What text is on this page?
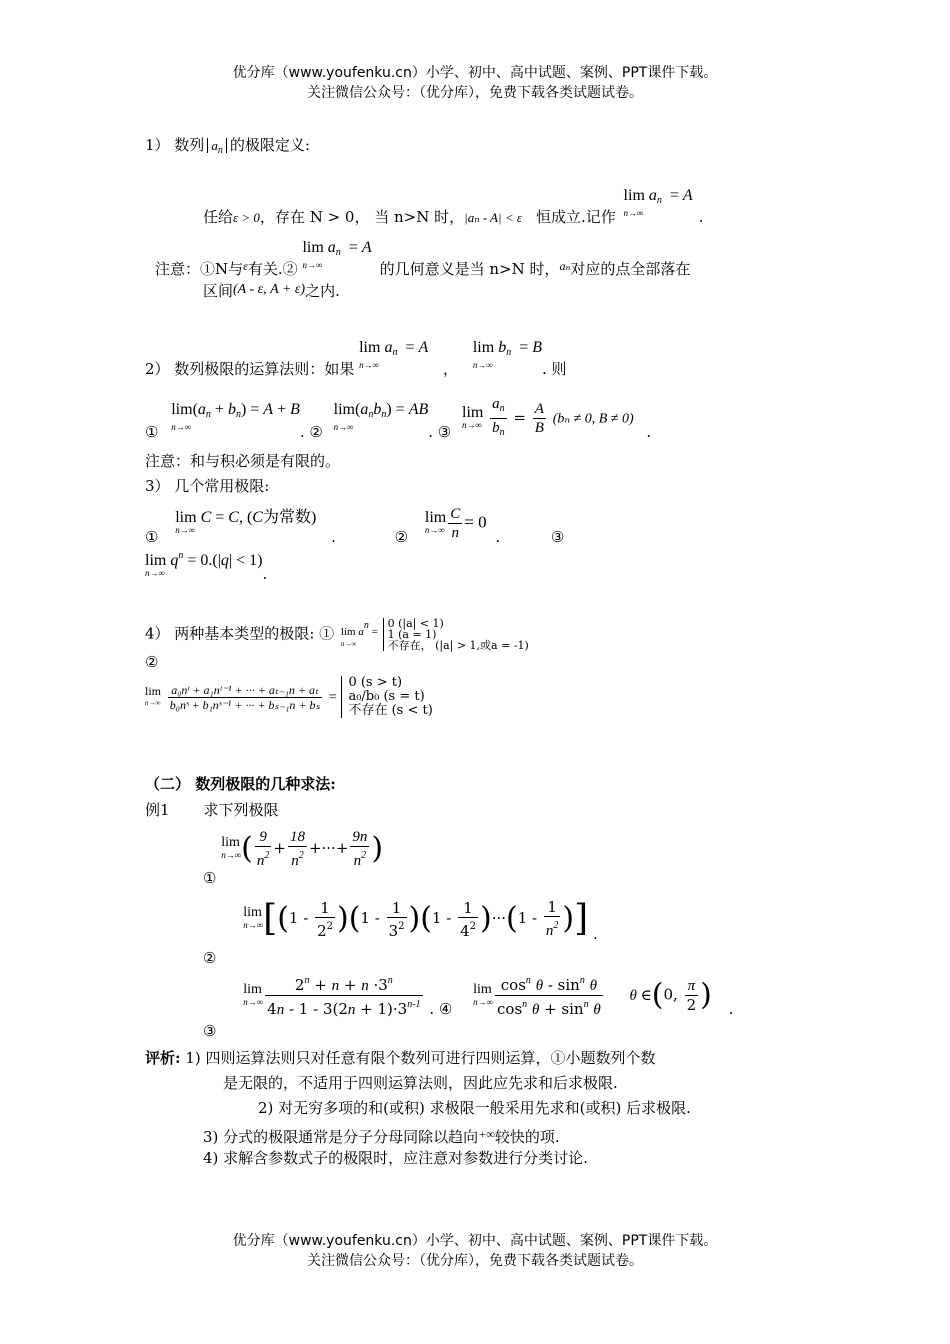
优分库（www.youfenku.cn）小学、初中、高中试题、案例、PPT课件下载。
关注微信公众号：（优分库），免费下载各类试题试卷。
1） 数列 $a_n$ 的极限定义:
任给ε > 0，存在 N > 0， 当 n>N 时，|aₙ - A| < ε 恒成立.记作
$\lim a_n = A$
n→∞	.
注意：①N与$^\varepsilon$有关.②
$\lim a_n = A$
n→∞	的几何意义是当 n>N 时，$^{a_n}$对应的点全部落在
区间(A - ε, A + ε)之内.
2） 数列极限的运算法则：如果
$\lim a_n = A$
n→∞	，
$\lim b_n = B$
n→∞	. 则
①
$\lim(a_n + b_n) = A + B$
n→∞	. ②
$\lim(a_nb_n)$ = AB
n→∞	. ③
lim
n→∞
$\frac{a_n}{b_n} = \frac{A}{B} (b_n \ne 0$, B ≠ 0) .
注意：和与积必须是有限的。
3） 几个常用极限:
①
lim C = C, (C为常数)
n→∞	.	②
lim
$n\to\infty \frac{C}{n} = 0$ .	③
$\lim q^n = 0.(|q| < 1)$
n→∞	.
4） 两种基本类型的极限: ① lim an =
n→∞

0 (|a| < 1)
1 (a = 1)
不存在， (|a| > 1,或a = -1)
②
lim
n→∞
$\frac{\text{a₀nᵗ + a₁nᵗ⁻¹ + ··· + aₜ₋₁n + aₜ}}{\text{b₀nˢ + b₁nˢ⁻¹ + ··· + bₛ₋₁n + bₛ}}$ =
0 (s > t)
a₀/b₀ (s = t)
不存在 (s < t)
（二） 数列极限的几种求法:
例1 求下列极限
①
lim
n→∞ ( $\frac{9}{n^2} + \frac{18}{n^2}$ +···+ $\frac{9n}{n^2}$ )
②
lim
n→∞ [$(1 - \frac{1}{2^2} )(1 - \frac{1}{3^2} )(1 - \frac{1}{4^2} )\cdot\cdot\cdot(1 - \frac{1}{n^2}$ )] .
③
lim
$n\to\infty \frac{2^n + n + n \cdot 3^n}{4n - 1 - 3(2n + 1)\cdot 3^{n-1}}$ . ④
lim
$n\to\infty \frac{\cos^n \theta - \sin^n \theta}{\cos^n \theta + \sin^n \theta}$ θ ∈(0, $\frac{\pi}{2}$ ) .
评析: 1) 四则运算法则只对任意有限个数列可进行四则运算，①小题数列个数
是无限的，不适用于四则运算法则，因此应先求和后求极限.
2) 对无穷多项的和(或积) 求极限一般采用先求和(或积) 后求极限.
3) 分式的极限通常是分子分母同除以趋向+∞较快的项.
4) 求解含参数式子的极限时，应注意对参数进行分类讨论.
优分库（www.youfenku.cn）小学、初中、高中试题、案例、PPT课件下载。
关注微信公众号：（优分库），免费下载各类试题试卷。
